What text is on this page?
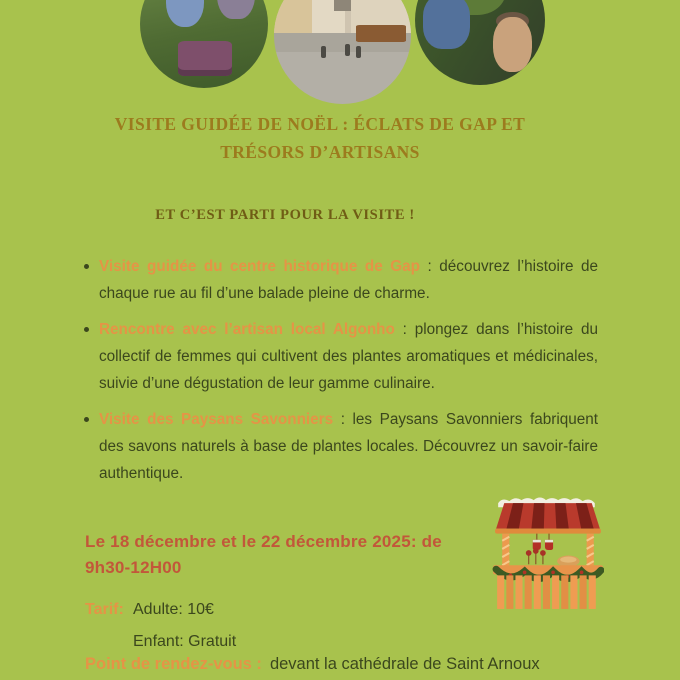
VISITE GUIDÉE DE NOËL : ÉCLATS DE GAP ET
TRÉSORS D’ARTISANS
ET C’EST PARTI POUR LA VISITE !
Visite guidée du centre historique de Gap : découvrez l’histoire de chaque rue au fil d’une balade pleine de charme.
Rencontre avec l’artisan local Algonho : plongez dans l’histoire du collectif de femmes qui cultivent des plantes aromatiques et médicinales, suivie d’une dégustation de leur gamme culinaire.
Visite des Paysans Savonniers : les Paysans Savonniers fabriquent des savons naturels à base de plantes locales. Découvrez un savoir-faire authentique.
Le 18 décembre et le 22 décembre 2025: de
9h30-12H00
Tarif: Adulte: 10€
Enfant: Gratuit
Point de rendez-vous : devant la cathédrale de Saint Arnoux
